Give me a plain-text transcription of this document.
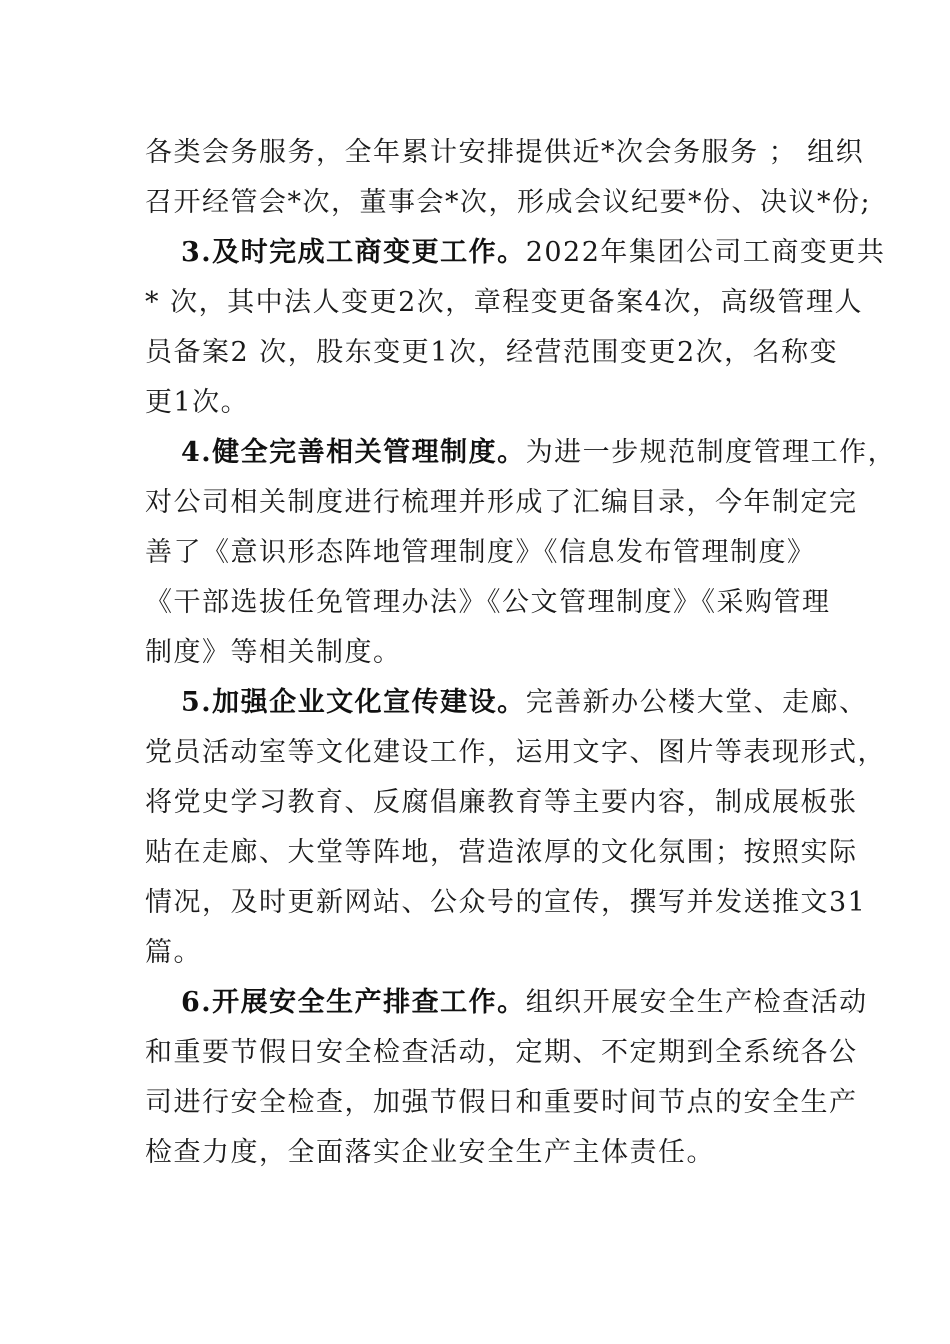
各类会务服务，全年累计安排提供近*次会务服务 ； 组织
召开经管会*次，董事会*次，形成会议纪要*份、决议*份;
3.及时完成工商变更工作。2022年集团公司工商变更共
* 次，其中法人变更2次，章程变更备案4次，高级管理人
员备案2 次，股东变更1次，经营范围变更2次，名称变
更1次。
4.健全完善相关管理制度。为进一步规范制度管理工作，
对公司相关制度进行梳理并形成了汇编目录，今年制定完
善了《意识形态阵地管理制度》《信息发布管理制度》
《干部选拔任免管理办法》《公文管理制度》《采购管理
制度》等相关制度。
5.加强企业文化宣传建设。完善新办公楼大堂、走廊、
党员活动室等文化建设工作，运用文字、图片等表现形式，
将党史学习教育、反腐倡廉教育等主要内容，制成展板张
贴在走廊、大堂等阵地，营造浓厚的文化氛围；按照实际
情况，及时更新网站、公众号的宣传，撰写并发送推文31
篇。
6.开展安全生产排查工作。组织开展安全生产检查活动
和重要节假日安全检查活动，定期、不定期到全系统各公
司进行安全检查，加强节假日和重要时间节点的安全生产
检查力度，全面落实企业安全生产主体责任。
